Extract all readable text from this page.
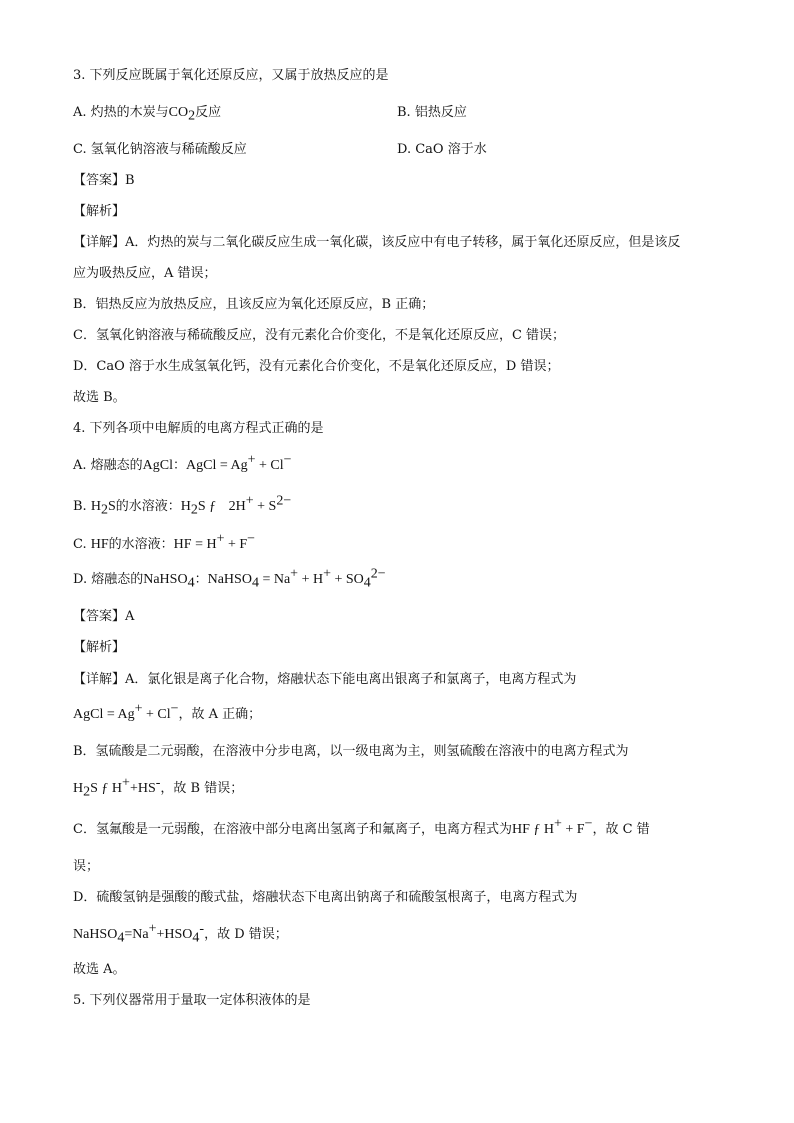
3. 下列反应既属于氧化还原反应，又属于放热反应的是
A. 灼热的木炭与$CO_2$反应	B. 铝热反应
C. 氢氧化钠溶液与稀硫酸反应	D. CaO 溶于水
【答案】B
【解析】
【详解】A．灼热的炭与二氧化碳反应生成一氧化碳，该反应中有电子转移，属于氧化还原反应，但是该反
应为吸热反应，A 错误；
B．铝热反应为放热反应，且该反应为氧化还原反应，B 正确；
C．氢氧化钠溶液与稀硫酸反应，没有元素化合价变化，不是氧化还原反应，C 错误；
D．CaO 溶于水生成氢氧化钙，没有元素化合价变化，不是氧化还原反应，D 错误；
故选 B。
4. 下列各项中电解质的电离方程式正确的是
A. 熔融态的AgCl：AgCl = Ag+ + Cl−
B. $H_2S$的水溶液：$H_2S$ ƒ $2H^+ + S^{2-}$
C. HF的水溶液：HF = H+ + F−
D. 熔融态的NaHSO$_4$：NaHSO$_4$ = $Na^+ + H^+ + SO_4^{2-}$
【答案】A
【解析】
【详解】A．氯化银是离子化合物，熔融状态下能电离出银离子和氯离子，电离方程式为
AgCl = Ag+ + Cl−，故 A 正确；
B．氢硫酸是二元弱酸，在溶液中分步电离，以一级电离为主，则氢硫酸在溶液中的电离方程式为
$H_2S$ ƒ H++HS-，故 B 错误；
C．氢氟酸是一元弱酸，在溶液中部分电离出氢离子和氟离子，电离方程式为HF ƒ H+ + F−，故 C 错
误；
D．硫酸氢钠是强酸的酸式盐，熔融状态下电离出钠离子和硫酸氢根离子，电离方程式为
$NaHSO_4=Na^++HSO_4^-$，故 D 错误；
故选 A。
5. 下列仪器常用于量取一定体积液体的是
